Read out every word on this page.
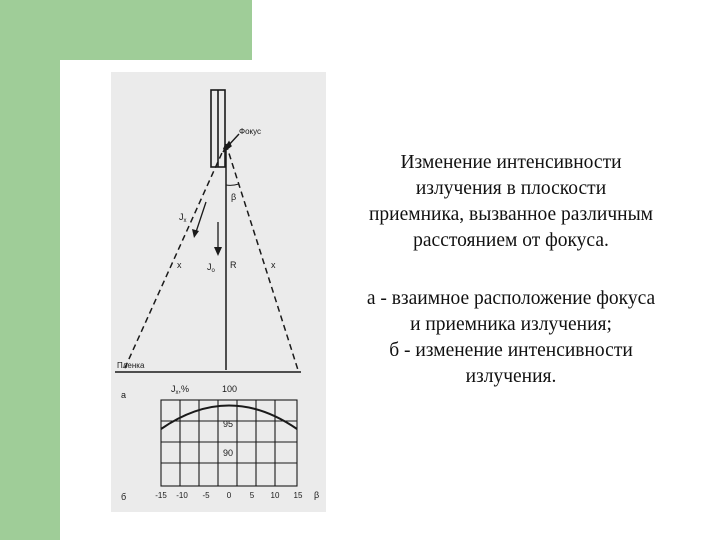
Фокус
β
$J_x$
$J_o$
x	R	x
Пленка
а
$J_x,\%$	100
95
90
б	-15 -10 -5 0 5 10 15 β

Изменение интенсивности

излучения в плоскости

приемника, вызванное различным

расстоянием от фокуса.

а - взаимное расположение фокуса

и приемника излучения;

б - изменение интенсивности

излучения.
